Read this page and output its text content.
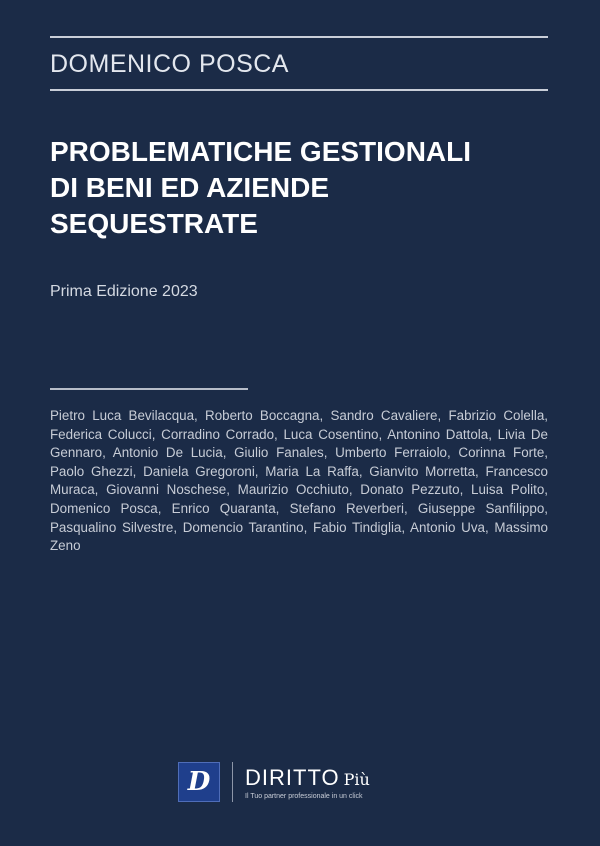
DOMENICO POSCA
PROBLEMATICHE GESTIONALI
DI BENI ED AZIENDE
SEQUESTRATE
Prima Edizione 2023
Pietro Luca Bevilacqua, Roberto Boccagna, Sandro Cavaliere, Fabrizio Colella, Federica Colucci, Corradino Corrado, Luca Cosentino, Antonino Dattola, Livia De Gennaro, Antonio De Lucia, Giulio Fanales, Umberto Ferraiolo, Corinna Forte, Paolo Ghezzi, Daniela Gregoroni, Maria La Raffa, Gianvito Morretta, Francesco Muraca, Giovanni Noschese, Maurizio Occhiuto, Donato Pezzuto, Luisa Polito, Domenico Posca, Enrico Quaranta, Stefano Reverberi, Giuseppe Sanfilippo, Pasqualino Silvestre, Domencio Tarantino, Fabio Tindiglia, Antonio Uva, Massimo Zeno
D	DIRITTO Più
Il Tuo partner professionale in un click
